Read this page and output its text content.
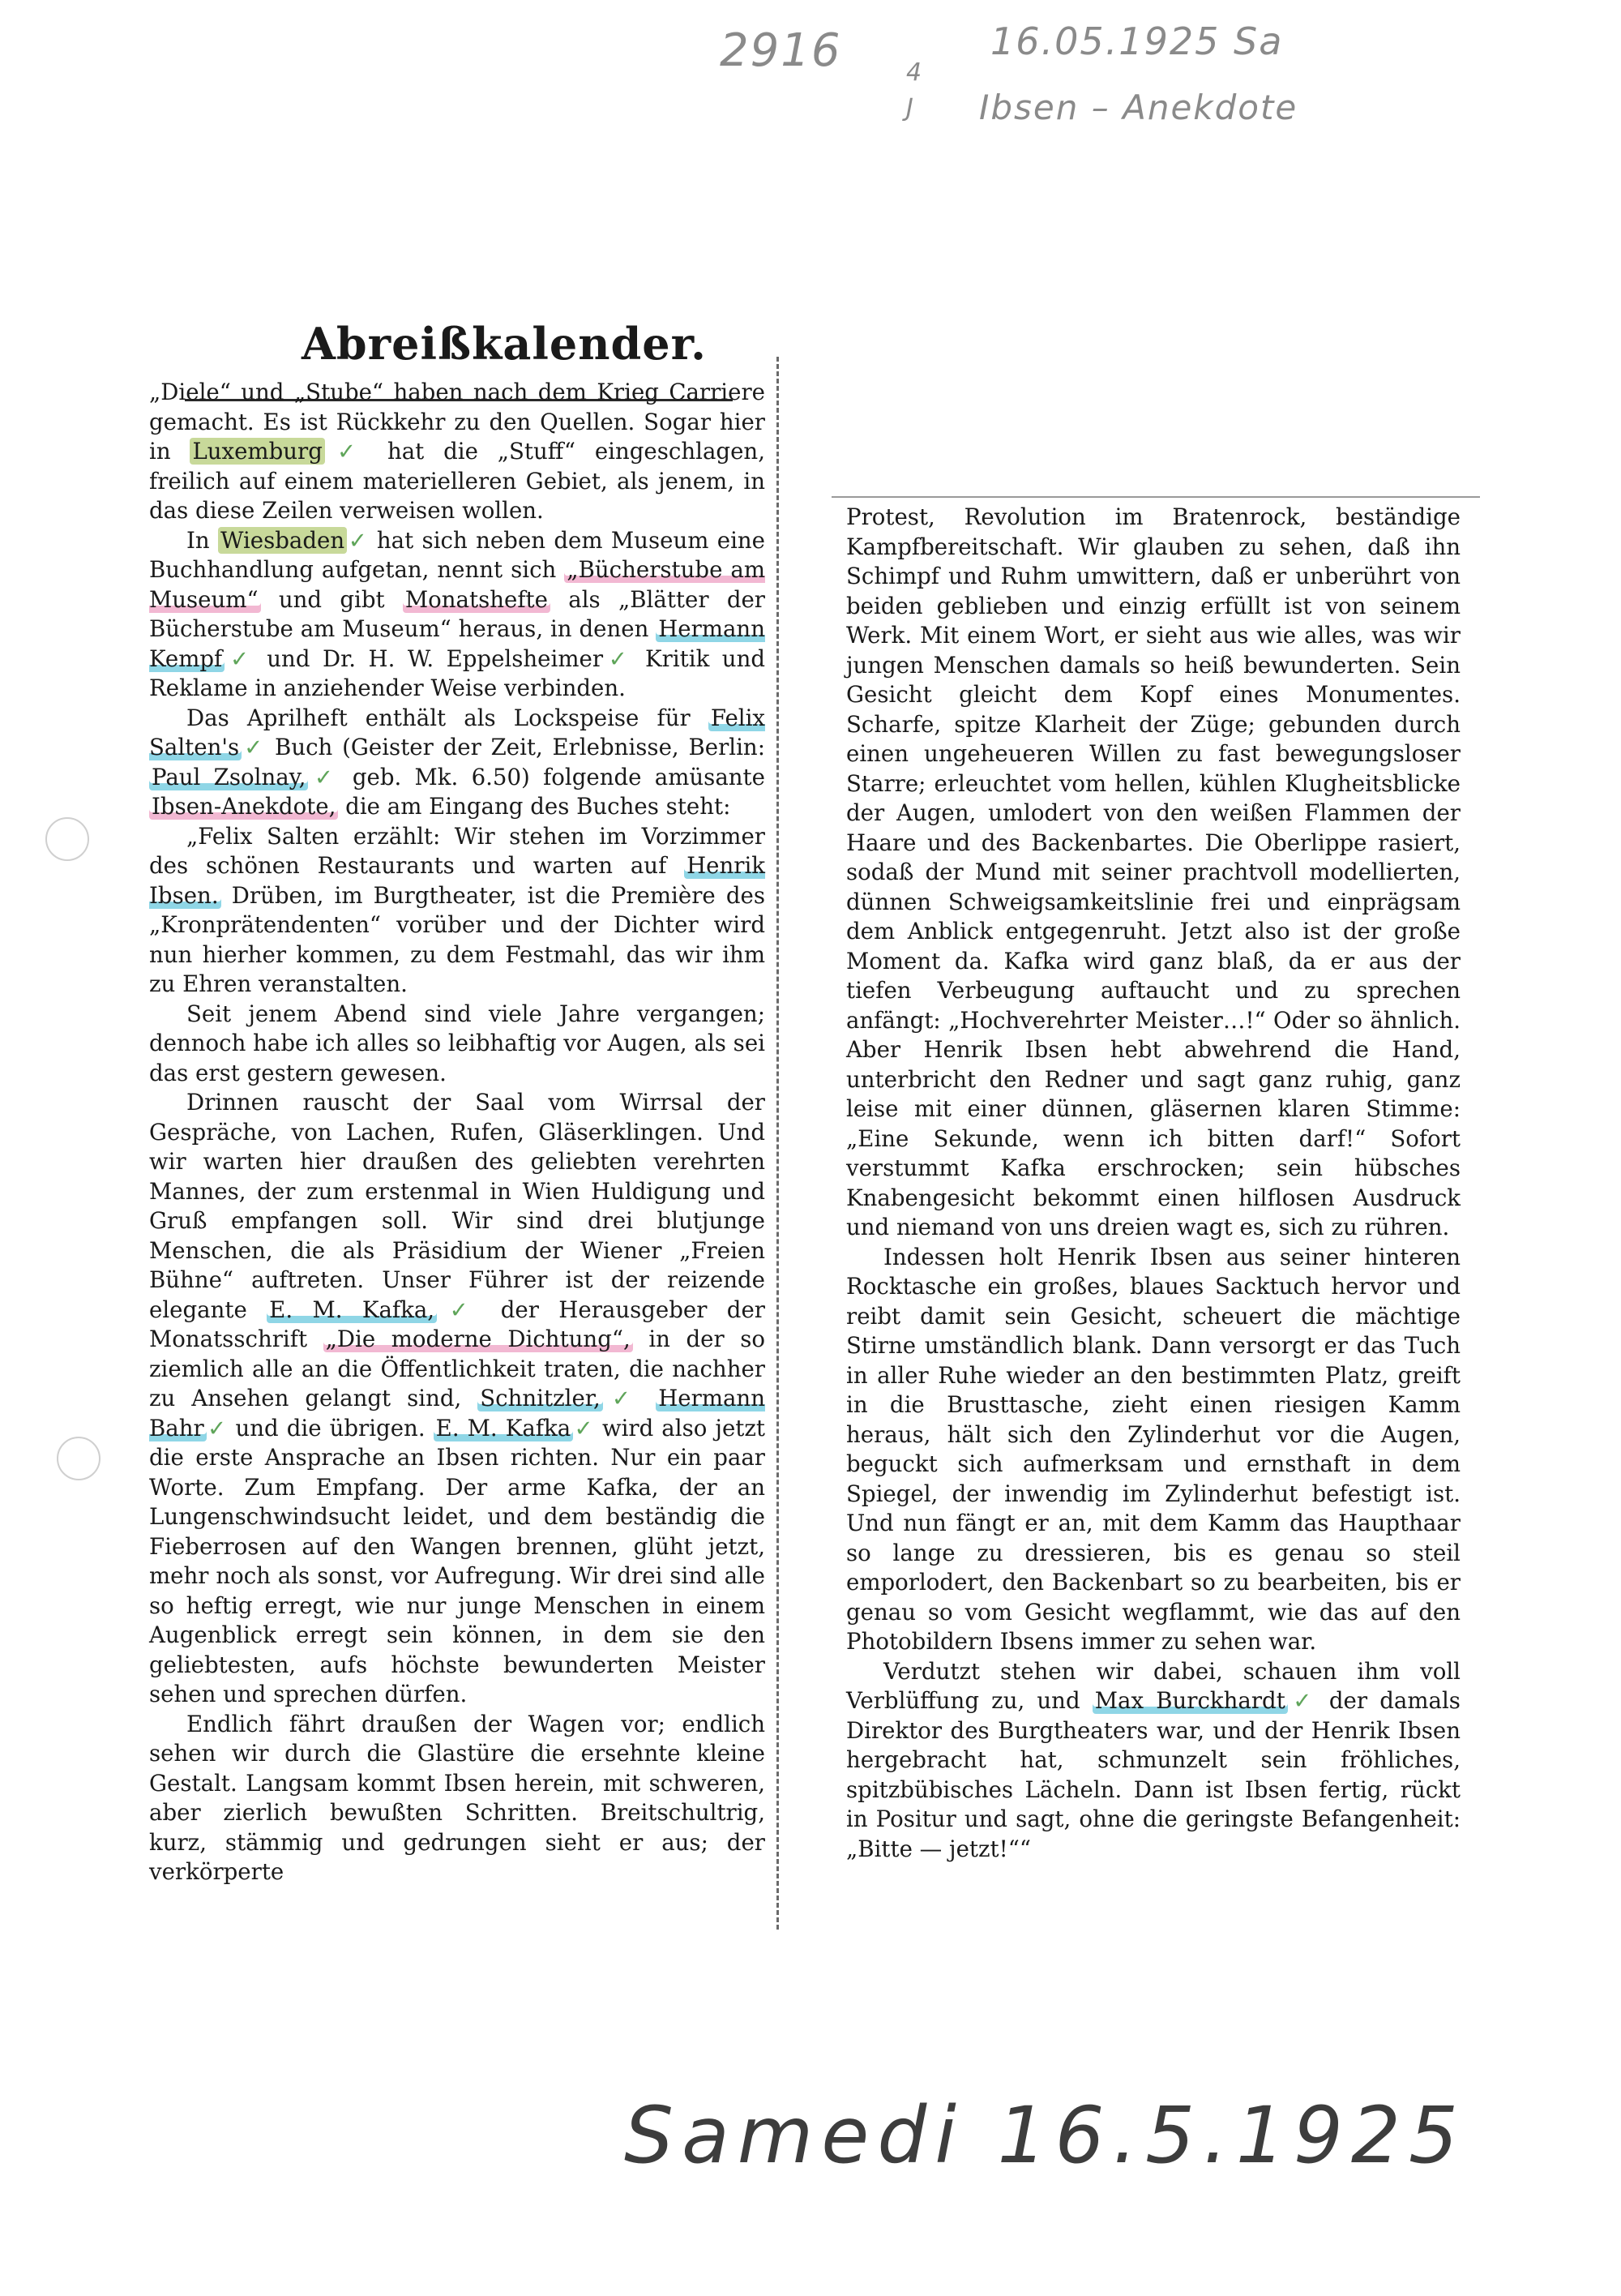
2916	16.05.1925 Sa
4
J Ibsen – Anekdote
Samedi 16.5.1925
Abreißkalender.

„Diele“ und „Stube“ haben nach dem Krieg Carriere gemacht. Es ist Rückkehr zu den Quellen. Sogar hier in Luxemburg ✓ hat die „Stuff“ eingeschlagen, freilich auf einem materielleren Gebiet, als jenem, in das diese Zeilen verweisen wollen.

In Wiesbaden ✓ hat sich neben dem Museum eine Buchhandlung aufgetan, nennt sich „Bücherstube am Museum“ und gibt Monatshefte als „Blätter der Bücherstube am Museum“ heraus, in denen Hermann Kempf ✓ und Dr. H. W. Eppelsheimer✓ Kritik und Reklame in anziehender Weise verbinden.

Das Aprilheft enthält als Lockspeise für Felix Salten's ✓ Buch (Geister der Zeit, Erlebnisse, Berlin: Paul Zsolnay, ✓ geb. Mk. 6.50) folgende amüsante Ibsen-Anekdote, die am Eingang des Buches steht:

„Felix Salten erzählt: Wir stehen im Vorzimmer des schönen Restaurants und warten auf Henrik Ibsen. Drüben, im Burgtheater, ist die Première des „Kronprätendenten“ vorüber und der Dichter wird nun hierher kommen, zu dem Festmahl, das wir ihm zu Ehren veranstalten.

Seit jenem Abend sind viele Jahre vergangen; dennoch habe ich alles so leibhaftig vor Augen, als sei das erst gestern gewesen.

Drinnen rauscht der Saal vom Wirrsal der Gespräche, von Lachen, Rufen, Gläserklingen. Und wir warten hier draußen des geliebten verehrten Mannes, der zum erstenmal in Wien Huldigung und Gruß empfangen soll. Wir sind drei blutjunge Menschen, die als Präsidium der Wiener „Freien Bühne“ auftreten. Unser Führer ist der reizende elegante E. M. Kafka, ✓ der Herausgeber der Monatsschrift „Die moderne Dichtung“, in der so ziemlich alle an die Öffentlichkeit traten, die nachher zu Ansehen gelangt sind, Schnitzler, ✓ Hermann Bahr ✓ und die übrigen. E. M. Kafka ✓ wird also jetzt die erste Ansprache an Ibsen richten. Nur ein paar Worte. Zum Empfang. Der arme Kafka, der an Lungenschwindsucht leidet, und dem beständig die Fieberrosen auf den Wangen brennen, glüht jetzt, mehr noch als sonst, vor Aufregung. Wir drei sind alle so heftig erregt, wie nur junge Menschen in einem Augenblick erregt sein können, in dem sie den geliebtesten, aufs höchste bewunderten Meister sehen und sprechen dürfen.

Endlich fährt draußen der Wagen vor; endlich sehen wir durch die Glastüre die ersehnte kleine Gestalt. Langsam kommt Ibsen herein, mit schweren, aber zierlich bewußten Schritten. Breitschultrig, kurz, stämmig und gedrungen sieht er aus; der verkörperte

Protest, Revolution im Bratenrock, beständige Kampfbereitschaft. Wir glauben zu sehen, daß ihn Schimpf und Ruhm umwittern, daß er unberührt von beiden geblieben und einzig erfüllt ist von seinem Werk. Mit einem Wort, er sieht aus wie alles, was wir jungen Menschen damals so heiß bewunderten. Sein Gesicht gleicht dem Kopf eines Monumentes. Scharfe, spitze Klarheit der Züge; gebunden durch einen ungeheueren Willen zu fast bewegungsloser Starre; erleuchtet vom hellen, kühlen Klugheitsblicke der Augen, umlodert von den weißen Flammen der Haare und des Backenbartes. Die Oberlippe rasiert, sodaß der Mund mit seiner prachtvoll modellierten, dünnen Schweigsamkeitslinie frei und einprägsam dem Anblick entgegenruht. Jetzt also ist der große Moment da. Kafka wird ganz blaß, da er aus der tiefen Verbeugung auftaucht und zu sprechen anfängt: „Hochverehrter Meister…!“ Oder so ähnlich. Aber Henrik Ibsen hebt abwehrend die Hand, unterbricht den Redner und sagt ganz ruhig, ganz leise mit einer dünnen, gläsernen klaren Stimme: „Eine Sekunde, wenn ich bitten darf!“ Sofort verstummt Kafka erschrocken; sein hübsches Knabengesicht bekommt einen hilflosen Ausdruck und niemand von uns dreien wagt es, sich zu rühren.

Indessen holt Henrik Ibsen aus seiner hinteren Rocktasche ein großes, blaues Sacktuch hervor und reibt damit sein Gesicht, scheuert die mächtige Stirne umständlich blank. Dann versorgt er das Tuch in aller Ruhe wieder an den bestimmten Platz, greift in die Brusttasche, zieht einen riesigen Kamm heraus, hält sich den Zylinderhut vor die Augen, beguckt sich aufmerksam und ernsthaft in dem Spiegel, der inwendig im Zylinderhut befestigt ist. Und nun fängt er an, mit dem Kamm das Haupthaar so lange zu dressieren, bis es genau so steil emporlodert, den Backenbart so zu bearbeiten, bis er genau so vom Gesicht wegflammt, wie das auf den Photobildern Ibsens immer zu sehen war.

Verdutzt stehen wir dabei, schauen ihm voll Verblüffung zu, und Max Burckhardt ✓ der damals Direktor des Burgtheaters war, und der Henrik Ibsen hergebracht hat, schmunzelt sein fröhliches, spitzbübisches Lächeln. Dann ist Ibsen fertig, rückt in Positur und sagt, ohne die geringste Befangenheit: „Bitte — jetzt!““
